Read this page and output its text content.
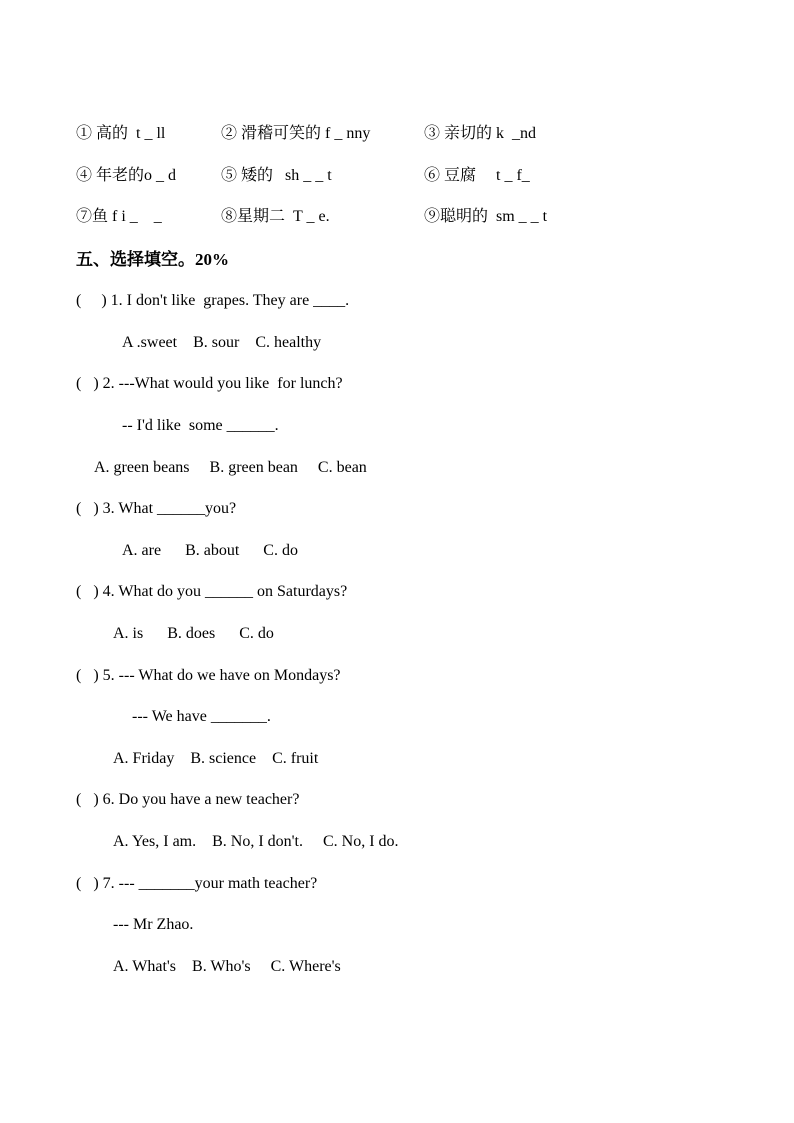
① 高的  t _ ll	② 滑稽可笑的 f _ nny	③ 亲切的 k  _nd
④ 年老的o _ d	⑤ 矮的   sh _ _ t	⑥ 豆腐     t _ f_
⑦鱼 f i _    _	⑧星期二  T _ e.	⑨聪明的  sm _ _ t
五、选择填空。20%
(     ) 1. I don't like  grapes. They are ____.
A .sweet    B. sour    C. healthy
(   ) 2. ---What would you like  for lunch?
-- I'd like  some ______.
A. green beans     B. green bean     C. bean
(   ) 3. What ______you?
A. are      B. about      C. do
(   ) 4. What do you ______ on Saturdays?
A. is      B. does      C. do
(   ) 5. --- What do we have on Mondays?
--- We have _______.
A. Friday    B. science    C. fruit
(   ) 6. Do you have a new teacher?
A. Yes, I am.    B. No, I don't.     C. No, I do.
(   ) 7. --- _______your math teacher?
--- Mr Zhao.
A. What's    B. Who's     C. Where's
